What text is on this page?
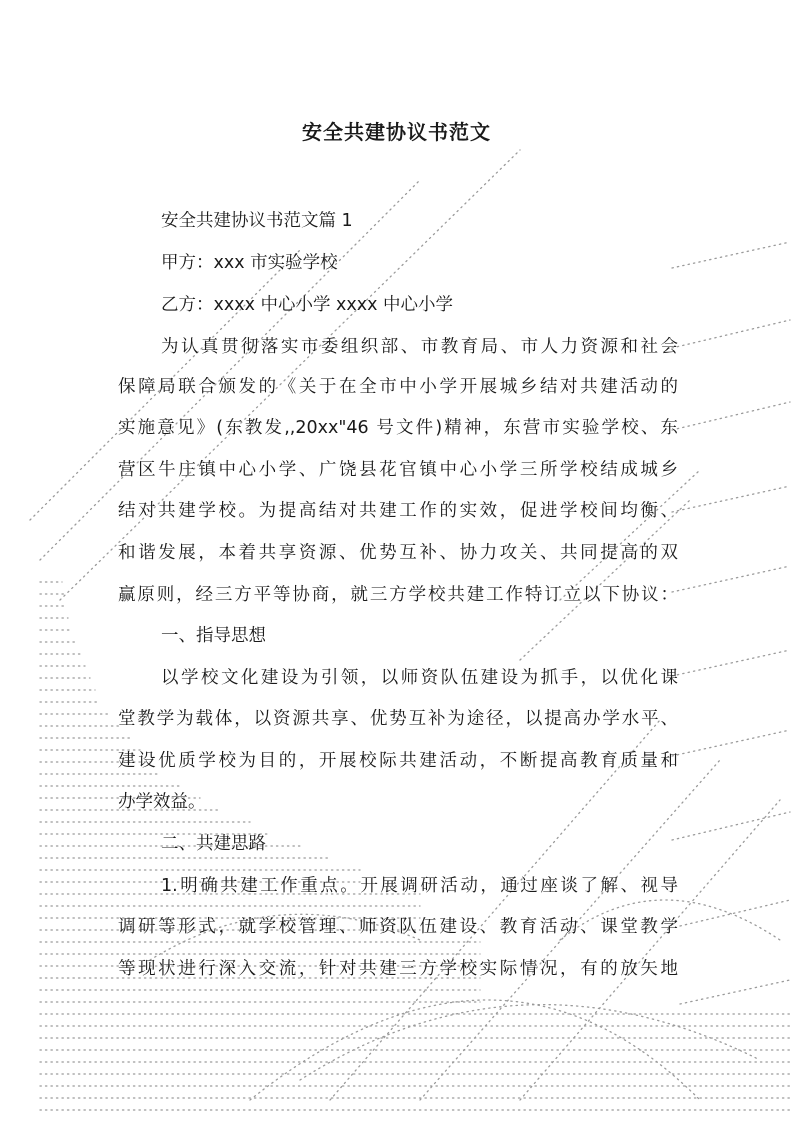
安全共建协议书范文
安全共建协议书范文篇 1
甲方：xxx 市实验学校
乙方：xxxx 中心小学 xxxx 中心小学
为认真贯彻落实市委组织部、市教育局、市人力资源和社会
保障局联合颁发的《关于在全市中小学开展城乡结对共建活动的
实施意见》(东教发,,20xx"46 号文件)精神，东营市实验学校、东
营区牛庄镇中心小学、广饶县花官镇中心小学三所学校结成城乡
结对共建学校。为提高结对共建工作的实效，促进学校间均衡、
和谐发展，本着共享资源、优势互补、协力攻关、共同提高的双
赢原则，经三方平等协商，就三方学校共建工作特订立以下协议：
一、指导思想
以学校文化建设为引领，以师资队伍建设为抓手，以优化课
堂教学为载体，以资源共享、优势互补为途径，以提高办学水平、
建设优质学校为目的，开展校际共建活动，不断提高教育质量和
办学效益。
二、共建思路
1.明确共建工作重点。开展调研活动，通过座谈了解、视导
调研等形式，就学校管理、师资队伍建设、教育活动、课堂教学
等现状进行深入交流，针对共建三方学校实际情况，有的放矢地
